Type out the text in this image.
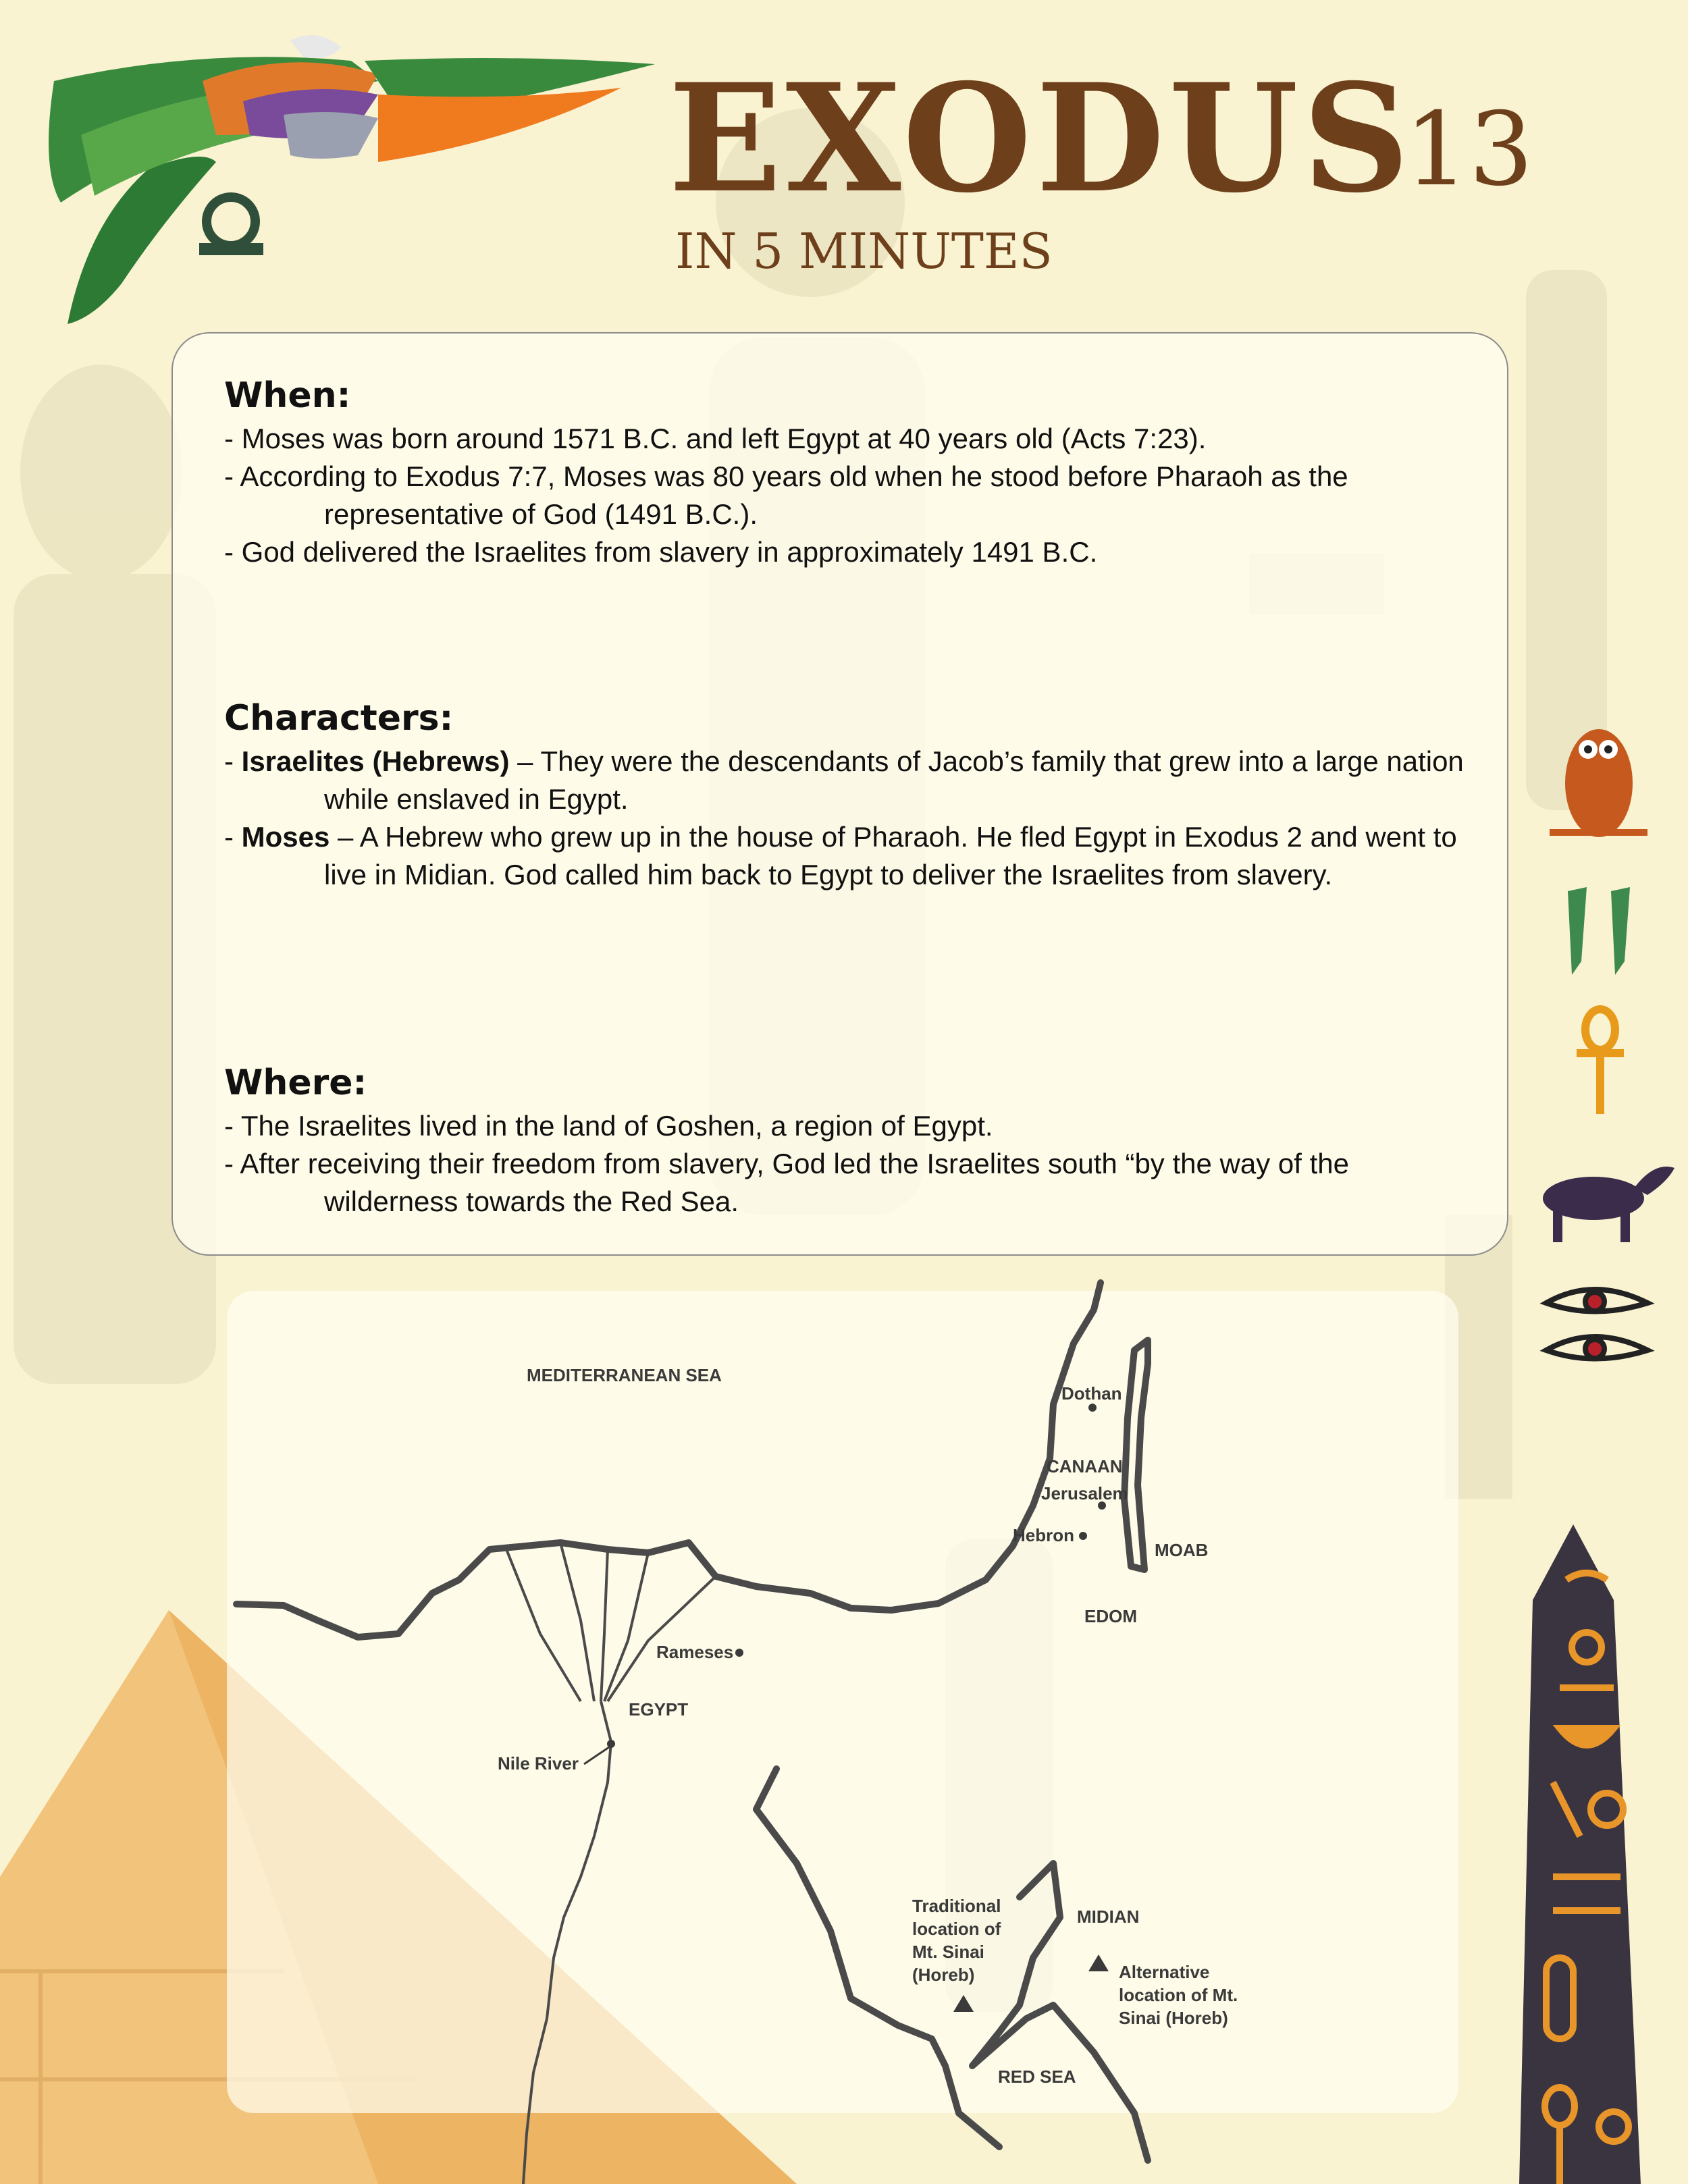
EXODUS
13
IN 5 MINUTES
When:

- Moses was born around 1571 B.C. and left Egypt at 40 years old (Acts 7:23).

- According to Exodus 7:7, Moses was 80 years old when he stood before Pharaoh as the representative of God (1491 B.C.).

- God delivered the Israelites from slavery in approximately 1491 B.C.

Characters:

- Israelites (Hebrews) – They were the descendants of Jacob’s family that grew into a large nation while enslaved in Egypt.

- Moses – A Hebrew who grew up in the house of Pharaoh. He fled Egypt in Exodus 2 and went to live in Midian. God called him back to Egypt to deliver the Israelites from slavery.

Where:

- The Israelites lived in the land of Goshen, a region of Egypt.

- After receiving their freedom from slavery, God led the Israelites south “by the way of the wilderness towards the Red Sea.

MEDITERRANEAN SEA
Dothan
CANAAN
Jerusalem
Hebron
MOAB
EDOM
Rameses
EGYPT
Nile River
MIDIAN
Traditional
location of
Mt. Sinai
(Horeb)	Alternative
location of Mt.
Sinai (Horeb)
RED SEA
